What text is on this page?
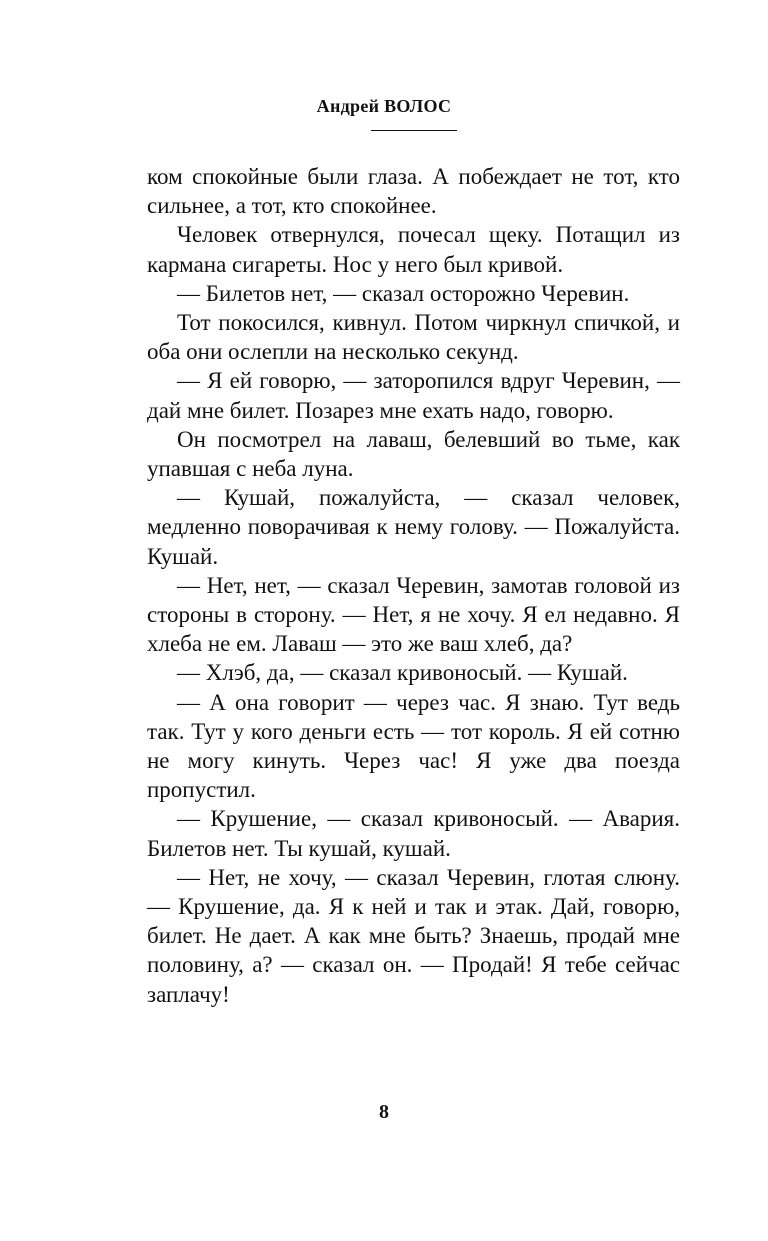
Андрей ВОЛОС

ком спокойные были глаза. А побеждает не тот, кто сильнее, а тот, кто спокойнее.

Человек отвернулся, почесал щеку. Потащил из кармана сигареты. Нос у него был кривой.

— Билетов нет, — сказал осторожно Черевин.

Тот покосился, кивнул. Потом чиркнул спичкой, и оба они ослепли на несколько секунд.

— Я ей говорю, — заторопился вдруг Черевин, — дай мне билет. Позарез мне ехать надо, говорю.

Он посмотрел на лаваш, белевший во тьме, как упавшая с неба луна.

— Кушай, пожалуйста, — сказал человек, медленно поворачивая к нему голову. — Пожалуйста. Кушай.

— Нет, нет, — сказал Черевин, замотав головой из стороны в сторону. — Нет, я не хочу. Я ел недавно. Я хлеба не ем. Лаваш — это же ваш хлеб, да?

— Хлэб, да, — сказал кривоносый. — Кушай.

— А она говорит — через час. Я знаю. Тут ведь так. Тут у кого деньги есть — тот король. Я ей сотню не могу кинуть. Через час! Я уже два поезда пропустил.

— Крушение, — сказал кривоносый. — Авария. Билетов нет. Ты кушай, кушай.

— Нет, не хочу, — сказал Черевин, глотая слюну. — Крушение, да. Я к ней и так и этак. Дай, говорю, билет. Не дает. А как мне быть? Знаешь, продай мне половину, а? — сказал он. — Продай! Я тебе сейчас заплачу!

8
